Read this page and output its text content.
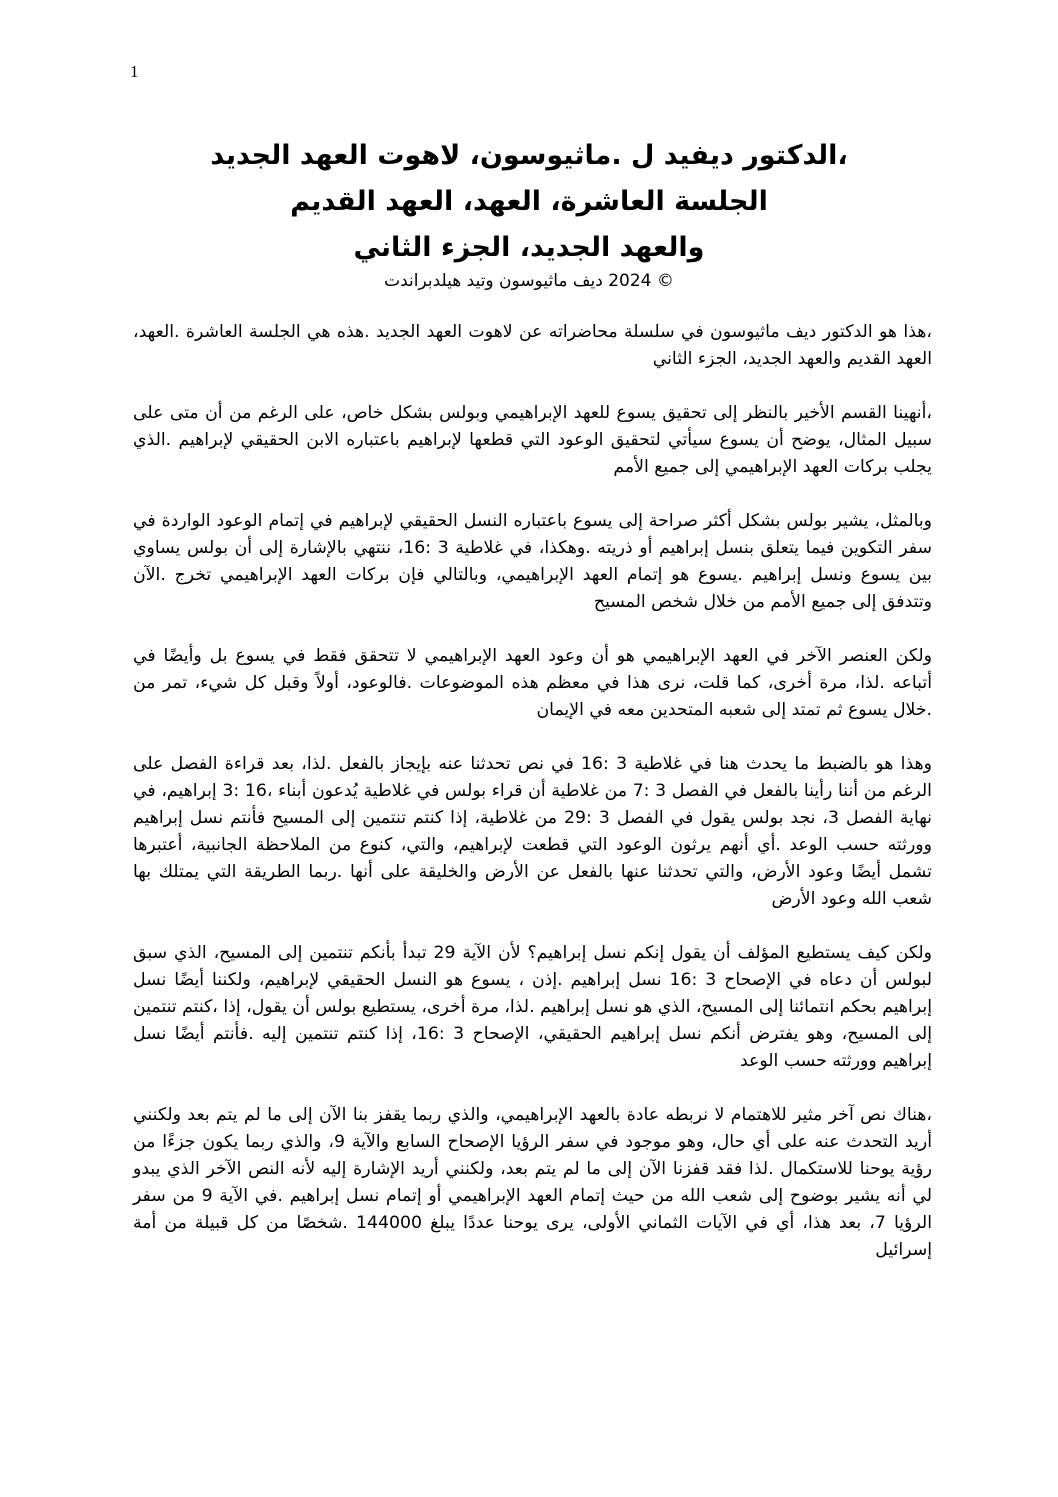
1
،الدكتور ديفيد ل .ماثيوسون، لاهوت العهد الجديد
الجلسة العاشرة، العهد، العهد القديم
والعهد الجديد، الجزء الثاني
© 2024 ديف ماثيوسون وتيد هيلدبراندت

،هذا هو الدكتور ديف ماثيوسون في سلسلة محاضراته عن لاهوت العهد الجديد .هذه هي الجلسة العاشرة .العهد، العهد القديم والعهد الجديد، الجزء الثاني

،أنهينا القسم الأخير بالنظر إلى تحقيق يسوع للعهد الإبراهيمي وبولس بشكل خاص، على الرغم من أن متى على سبيل المثال، يوضح أن يسوع سيأتي لتحقيق الوعود التي قطعها لإبراهيم باعتباره الابن الحقيقي لإبراهيم .الذي يجلب بركات العهد الإبراهيمي إلى جميع الأمم

وبالمثل، يشير بولس بشكل أكثر صراحة إلى يسوع باعتباره النسل الحقيقي لإبراهيم في إتمام الوعود الواردة في سفر التكوين فيما يتعلق بنسل إبراهيم أو ذريته .وهكذا، في غلاطية 3 :16، ننتهي بالإشارة إلى أن بولس يساوي بين يسوع ونسل إبراهيم .يسوع هو إتمام العهد الإبراهيمي، وبالتالي فإن بركات العهد الإبراهيمي تخرج .الآن وتتدفق إلى جميع الأمم من خلال شخص المسيح

ولكن العنصر الآخر في العهد الإبراهيمي هو أن وعود العهد الإبراهيمي لا تتحقق فقط في يسوع بل وأيضًا في أتباعه .لذا، مرة أخرى، كما قلت، نرى هذا في معظم هذه الموضوعات .فالوعود، أولاً وقبل كل شيء، تمر من .خلال يسوع ثم تمتد إلى شعبه المتحدين معه في الإيمان

وهذا هو بالضبط ما يحدث هنا في غلاطية 3 :16 في نص تحدثنا عنه بإيجاز بالفعل .لذا، بعد قراءة الفصل على الرغم من أننا رأينا بالفعل في الفصل 3 :7 من غلاطية أن قراء بولس في غلاطية يُدعون أبناء ،16 :3 إبراهيم، في نهاية الفصل 3، نجد بولس يقول في الفصل 3 :29 من غلاطية، إذا كنتم تنتمين إلى المسيح فأنتم نسل إبراهيم وورثته حسب الوعد .أي أنهم يرثون الوعود التي قطعت لإبراهيم، والتي، كنوع من الملاحظة الجانبية، أعتبرها تشمل أيضًا وعود الأرض، والتي تحدثنا عنها بالفعل عن الأرض والخليقة على أنها .ربما الطريقة التي يمتلك بها شعب الله وعود الأرض

ولكن كيف يستطيع المؤلف أن يقول إنكم نسل إبراهيم؟ لأن الآية 29 تبدأ بأنكم تنتمين إلى المسيح، الذي سبق لبولس أن دعاه في الإصحاح 3 :16 نسل إبراهيم .إذن ، يسوع هو النسل الحقيقي لإبراهيم، ولكننا أيضًا نسل إبراهيم بحكم انتمائنا إلى المسيح، الذي هو نسل إبراهيم .لذا، مرة أخرى، يستطيع بولس أن يقول، إذا ،كنتم تنتمين إلى المسيح، وهو يفترض أنكم نسل إبراهيم الحقيقي، الإصحاح 3 :16، إذا كنتم تنتمين إليه .فأنتم أيضًا نسل إبراهيم وورثته حسب الوعد

،هناك نص آخر مثير للاهتمام لا نربطه عادة بالعهد الإبراهيمي، والذي ربما يقفز بنا الآن إلى ما لم يتم بعد ولكنني أريد التحدث عنه على أي حال، وهو موجود في سفر الرؤيا الإصحاح السابع والآية 9، والذي ربما يكون جزءًا من رؤية يوحنا للاستكمال .لذا فقد قفزنا الآن إلى ما لم يتم بعد، ولكنني أريد الإشارة إليه لأنه النص الآخر الذي يبدو لي أنه يشير بوضوح إلى شعب الله من حيث إتمام العهد الإبراهيمي أو إتمام نسل إبراهيم .في الآية 9 من سفر الرؤيا 7، بعد هذا، أي في الآيات الثماني الأولى، يرى يوحنا عددًا يبلغ 144000 .شخصًا من كل قبيلة من أمة إسرائيل
